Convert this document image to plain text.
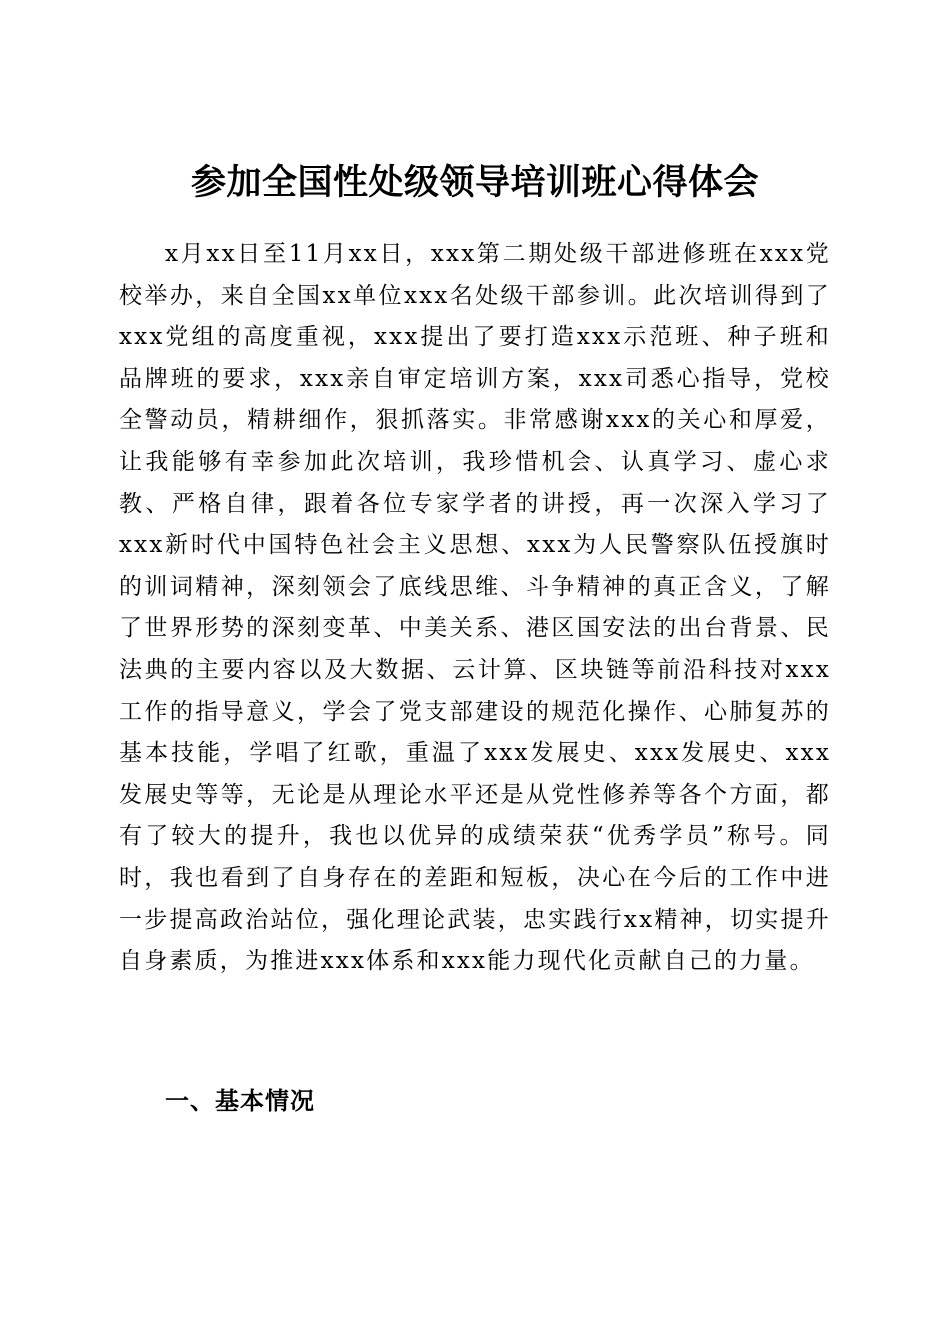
参加全国性处级领导培训班心得体会

x月xx日至11月xx日，xxx第二期处级干部进修班在xxx党校举办，来自全国xx单位xxx名处级干部参训。此次培训得到了xxx党组的高度重视，xxx提出了要打造xxx示范班、种子班和品牌班的要求，xxx亲自审定培训方案，xxx司悉心指导，党校全警动员，精耕细作，狠抓落实。非常感谢xxx的关心和厚爱，让我能够有幸参加此次培训，我珍惜机会、认真学习、虚心求教、严格自律，跟着各位专家学者的讲授，再一次深入学习了xxx新时代中国特色社会主义思想、xxx为人民警察队伍授旗时的训词精神，深刻领会了底线思维、斗争精神的真正含义，了解了世界形势的深刻变革、中美关系、港区国安法的出台背景、民法典的主要内容以及大数据、云计算、区块链等前沿科技对xxx工作的指导意义，学会了党支部建设的规范化操作、心肺复苏的基本技能，学唱了红歌，重温了xxx发展史、xxx发展史、xxx发展史等等，无论是从理论水平还是从党性修养等各个方面，都有了较大的提升，我也以优异的成绩荣获“优秀学员”称号。同时，我也看到了自身存在的差距和短板，决心在今后的工作中进一步提高政治站位，强化理论武装，忠实践行xx精神，切实提升自身素质，为推进xxx体系和xxx能力现代化贡献自己的力量。

一、基本情况
